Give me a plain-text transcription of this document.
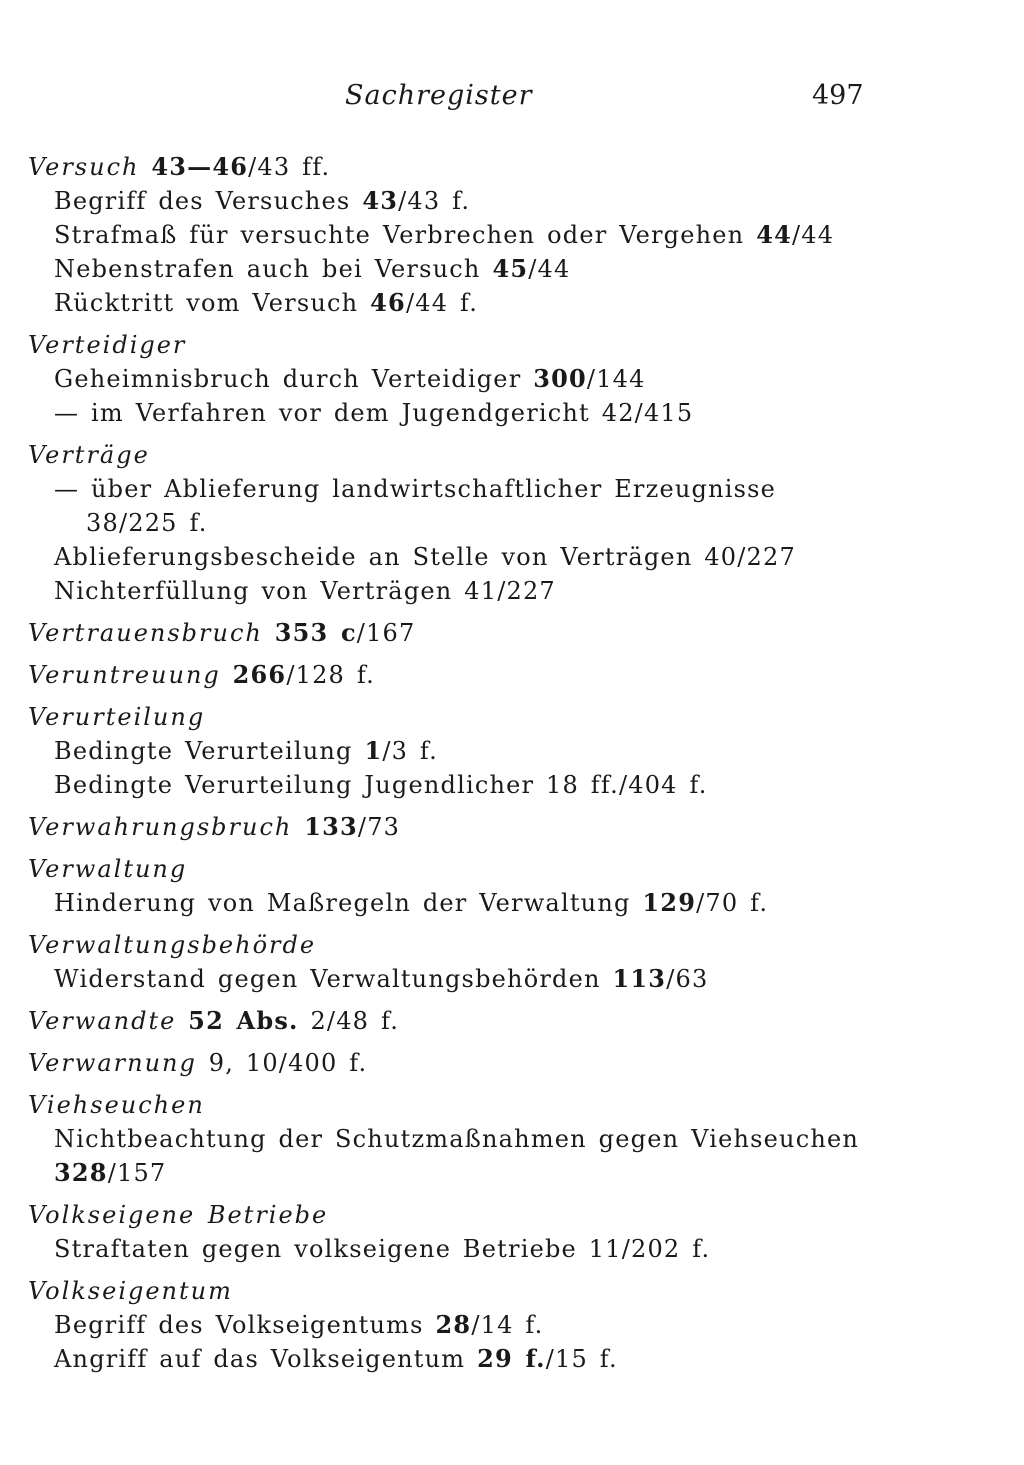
Sachregister	497
Versuch 43—46/43 ff.
Begriff des Versuches 43/43 f.
Strafmaß für versuchte Verbrechen oder Vergehen 44/44
Nebenstrafen auch bei Versuch 45/44
Rücktritt vom Versuch 46/44 f.
Verteidiger
Geheimnisbruch durch Verteidiger 300/144
— im Verfahren vor dem Jugendgericht 42/415
Verträge
— über Ablieferung landwirtschaftlicher Erzeugnisse
38/225 f.
Ablieferungsbescheide an Stelle von Verträgen 40/227
Nichterfüllung von Verträgen 41/227
Vertrauensbruch 353 c/167
Veruntreuung 266/128 f.
Verurteilung
Bedingte Verurteilung 1/3 f.
Bedingte Verurteilung Jugendlicher 18 ff./404 f.
Verwahrungsbruch 133/73
Verwaltung
Hinderung von Maßregeln der Verwaltung 129/70 f.
Verwaltungsbehörde
Widerstand gegen Verwaltungsbehörden 113/63
Verwandte 52 Abs. 2/48 f.
Verwarnung 9, 10/400 f.
Viehseuchen
Nichtbeachtung der Schutzmaßnahmen gegen Viehseuchen
328/157
Volkseigene Betriebe
Straftaten gegen volkseigene Betriebe 11/202 f.
Volkseigentum
Begriff des Volkseigentums 28/14 f.
Angriff auf das Volkseigentum 29 f./15 f.
